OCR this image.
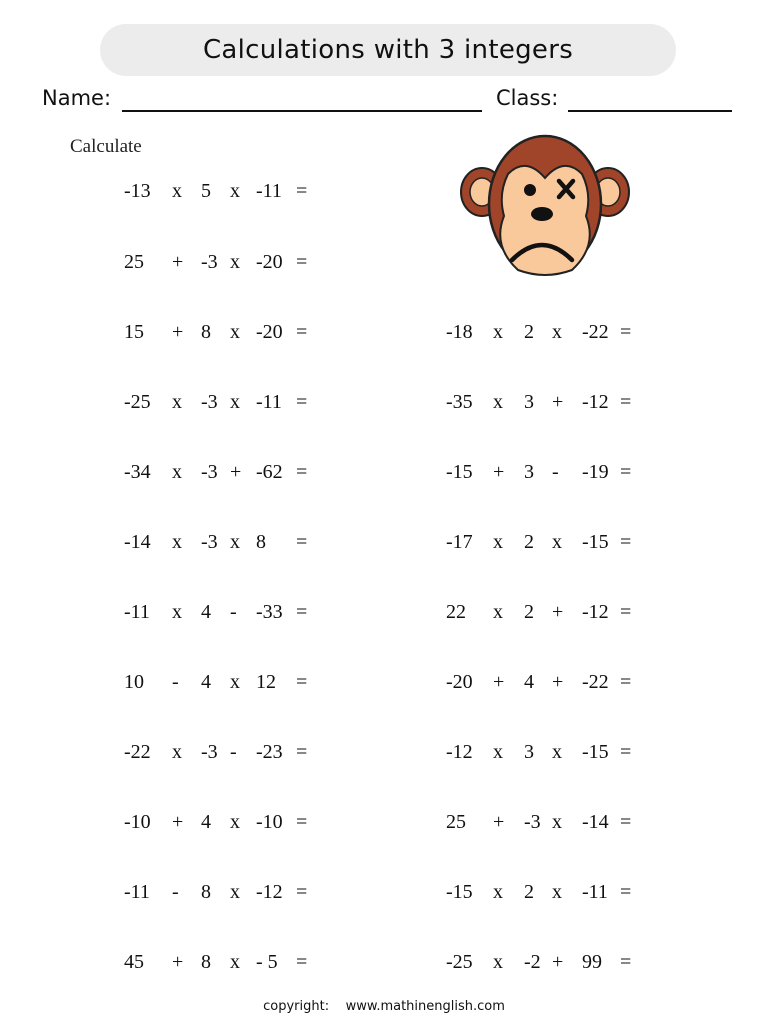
Calculations with 3 integers
Name:	Class:
Calculate
-13 x 5 x -11 =
25 + -3 x -20 =
15 + 8 x -20 =
-25 x -3 x -11 =
-34 x -3 + -62 =
-14 x -3 x 8 =
-11 x 4 - -33 =
10 - 4 x 12 =
-22 x -3 - -23 =
-10 + 4 x -10 =
-11 - 8 x -12 =
45 + 8 x - 5 =
-18 x 2 x -22 =
-35 x 3 + -12 =
-15 + 3 - -19 =
-17 x 2 x -15 =
22 x 2 + -12 =
-20 + 4 + -22 =
-12 x 3 x -15 =
25 + -3 x -14 =
-15 x 2 x -11 =
-25 x -2 + 99 =
copyright:    www.mathinenglish.com
